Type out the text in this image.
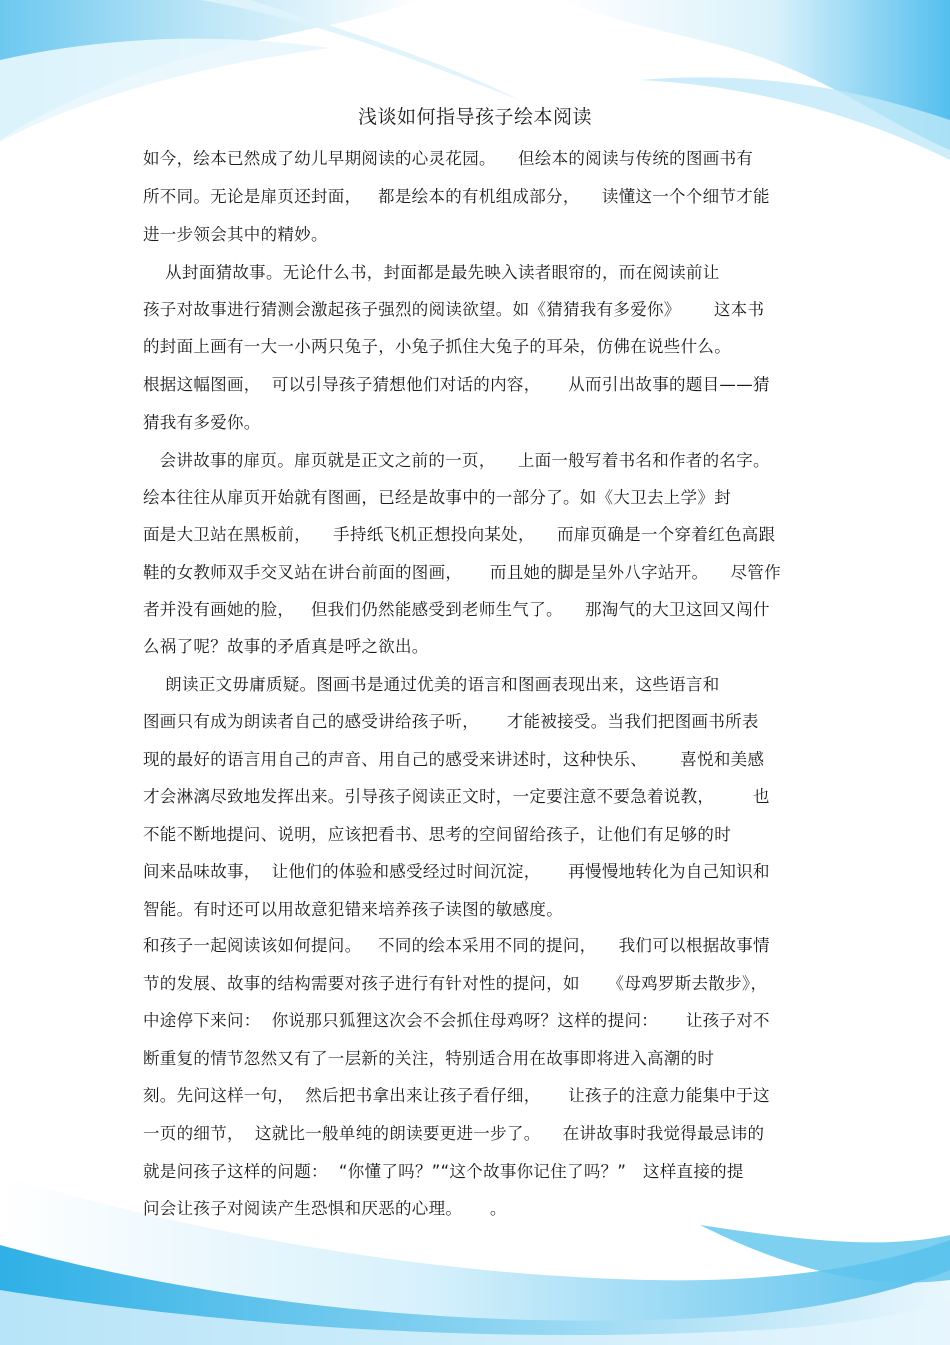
浅谈如何指导孩子绘本阅读

如今，绘本已然成了幼儿早期阅读的心灵花园。    但绘本的阅读与传统的图画书有

所不同。无论是扉页还封面，   都是绘本的有机组成部分，    读懂这一个个细节才能

进一步领会其中的精妙。

从封面猜故事。无论什么书，封面都是最先映入读者眼帘的，而在阅读前让

孩子对故事进行猜测会激起孩子强烈的阅读欲望。如《猜猜我有多爱你》      这本书

的封面上画有一大一小两只兔子，小兔子抓住大兔子的耳朵，仿佛在说些什么。

根据这幅图画，  可以引导孩子猜想他们对话的内容，     从而引出故事的题目——猜

猜我有多爱你。

会讲故事的扉页。扉页就是正文之前的一页，    上面一般写着书名和作者的名字。

绘本往往从扉页开始就有图画，已经是故事中的一部分了。如《大卫去上学》封

面是大卫站在黑板前，    手持纸飞机正想投向某处，    而扉页确是一个穿着红色高跟

鞋的女教师双手交叉站在讲台前面的图画，     而且她的脚是呈外八字站开。    尽管作

者并没有画她的脸，   但我们仍然能感受到老师生气了。    那淘气的大卫这回又闯什

么祸了呢？故事的矛盾真是呼之欲出。

朗读正文毋庸质疑。图画书是通过优美的语言和图画表现出来，这些语言和

图画只有成为朗读者自己的感受讲给孩子听，     才能被接受。当我们把图画书所表

现的最好的语言用自己的声音、用自己的感受来讲述时，这种快乐、      喜悦和美感

才会淋漓尽致地发挥出来。引导孩子阅读正文时，一定要注意不要急着说教，       也

不能不断地提问、说明，应该把看书、思考的空间留给孩子，让他们有足够的时

间来品味故事，  让他们的体验和感受经过时间沉淀，     再慢慢地转化为自己知识和

智能。有时还可以用故意犯错来培养孩子读图的敏感度。

和孩子一起阅读该如何提问。   不同的绘本采用不同的提问，    我们可以根据故事情

节的发展、故事的结构需要对孩子进行有针对性的提问，如     《母鸡罗斯去散步》，

中途停下来问：  你说那只狐狸这次会不会抓住母鸡呀？这样的提问：     让孩子对不

断重复的情节忽然又有了一层新的关注，特别适合用在故事即将进入高潮的时

刻。先问这样一句，  然后把书拿出来让孩子看仔细，     让孩子的注意力能集中于这

一页的细节，  这就比一般单纯的朗读要更进一步了。    在讲故事时我觉得最忌讳的

就是问孩子这样的问题：  “你懂了吗？”“这个故事你记住了吗？”   这样直接的提

问会让孩子对阅读产生恐惧和厌恶的心理。     。
